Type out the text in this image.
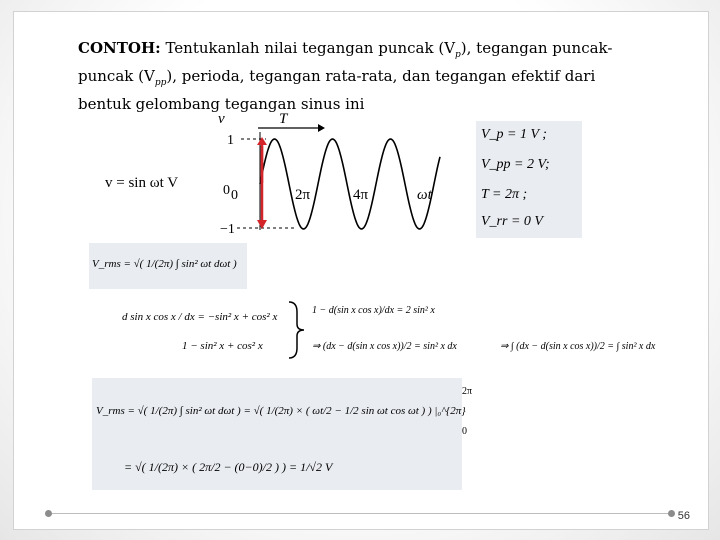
CONTOH: Tentukanlah nilai tegangan puncak $(V_p)$, tegangan puncak-
puncak $(V_{pp})$, perioda, tegangan rata-rata, dan tegangan efektif dari
bentuk gelombang tegangan sinus ini
v	T
1
0 0
−1
2π	4π	ωt
v = sin ωt V
V_p = 1 V ;
V_pp = 2 V;
T = 2π ;
V_rr = 0 V
V_rms = √( 1/(2π) ∫ sin² ωt dωt )
d sin x cos x / dx = −sin² x + cos² x
1 − sin² x + cos² x
1 − d(sin x cos x)/dx = 2 sin² x
⇒ (dx − d(sin x cos x))/2 = sin² x dx	⇒ ∫ (dx − d(sin x cos x))/2 = ∫ sin² x dx
V_rms = √( 1/(2π) ∫ sin² ωt dωt ) = √( 1/(2π) × ( ωt/2 − 1/2 sin ωt cos ωt ) ) |₀^{2π}
= √( 1/(2π) × ( 2π/2 − (0−0)/2 ) ) = 1/√2 V
2π
0
56
